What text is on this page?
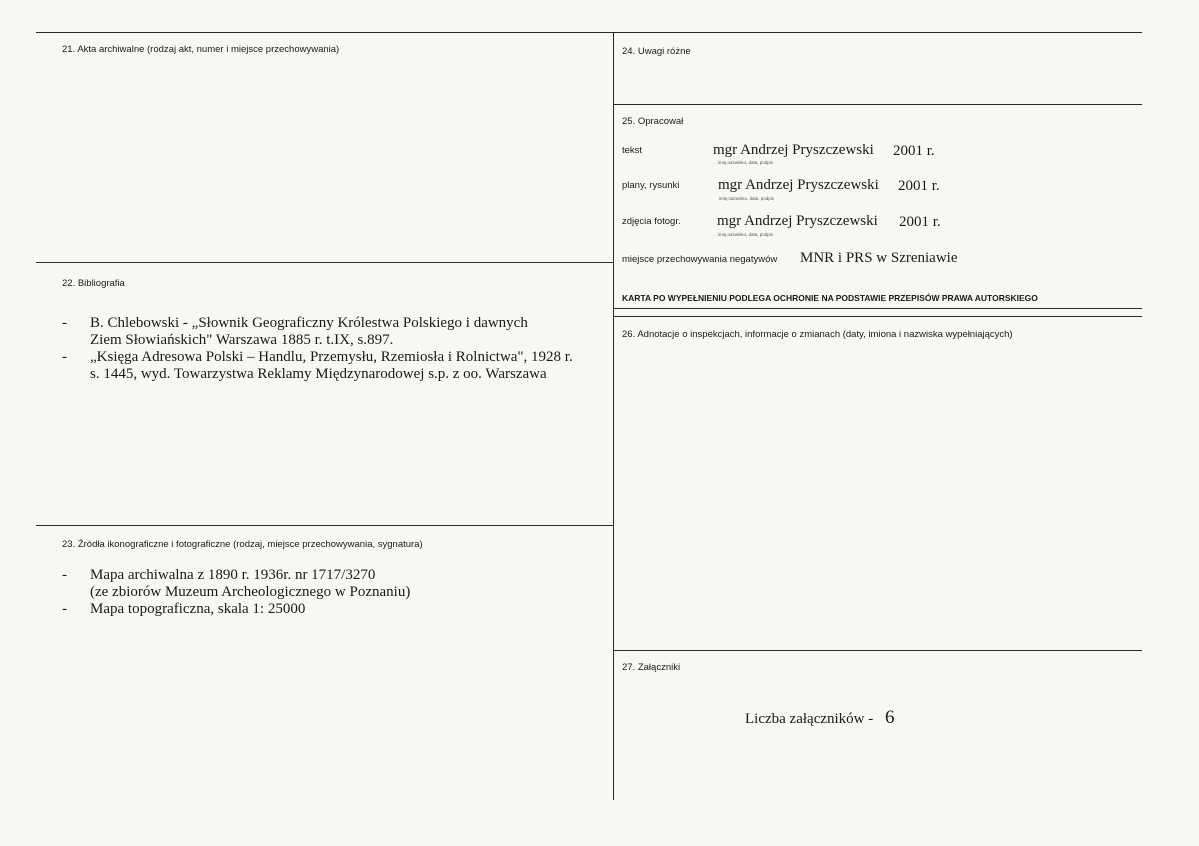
21. Akta archiwalne (rodzaj akt, numer i miejsce przechowywania)
22. Bibliografia
- B. Chlebowski - „Słownik Geograficzny Królestwa Polskiego i dawnych
Ziem Słowiańskich" Warszawa 1885 r. t.IX, s.897.
- „Księga Adresowa Polski – Handlu, Przemysłu, Rzemiosła i Rolnictwa", 1928 r.
s. 1445, wyd. Towarzystwa Reklamy Międzynarodowej s.p. z oo. Warszawa
23. Źródła ikonograficzne i fotograficzne (rodzaj, miejsce przechowywania, sygnatura)
- Mapa archiwalna z 1890 r. 1936r. nr 1717/3270
(ze zbiorów Muzeum Archeologicznego w Poznaniu)
- Mapa topograficzna, skala 1: 25000
24. Uwagi różne
25. Opracował
tekst	mgr Andrzej Pryszczewski 2001 r.
imię,nazwisko, data, podpis
plany, rysunki	mgr Andrzej Pryszczewski 2001 r.
imię,nazwisko, data, podpis
zdjęcia fotogr. mgr Andrzej Pryszczewski 2001 r.
imię,nazwisko, data, podpis
miejsce przechowywania negatywów MNR i PRS w Szreniawie
KARTA PO WYPEŁNIENIU PODLEGA OCHRONIE NA PODSTAWIE PRZEPISÓW PRAWA AUTORSKIEGO
26. Adnotacje o inspekcjach, informacje o zmianach (daty, imiona i nazwiska wypełniających)
27. Załączniki
Liczba załączników - 6
